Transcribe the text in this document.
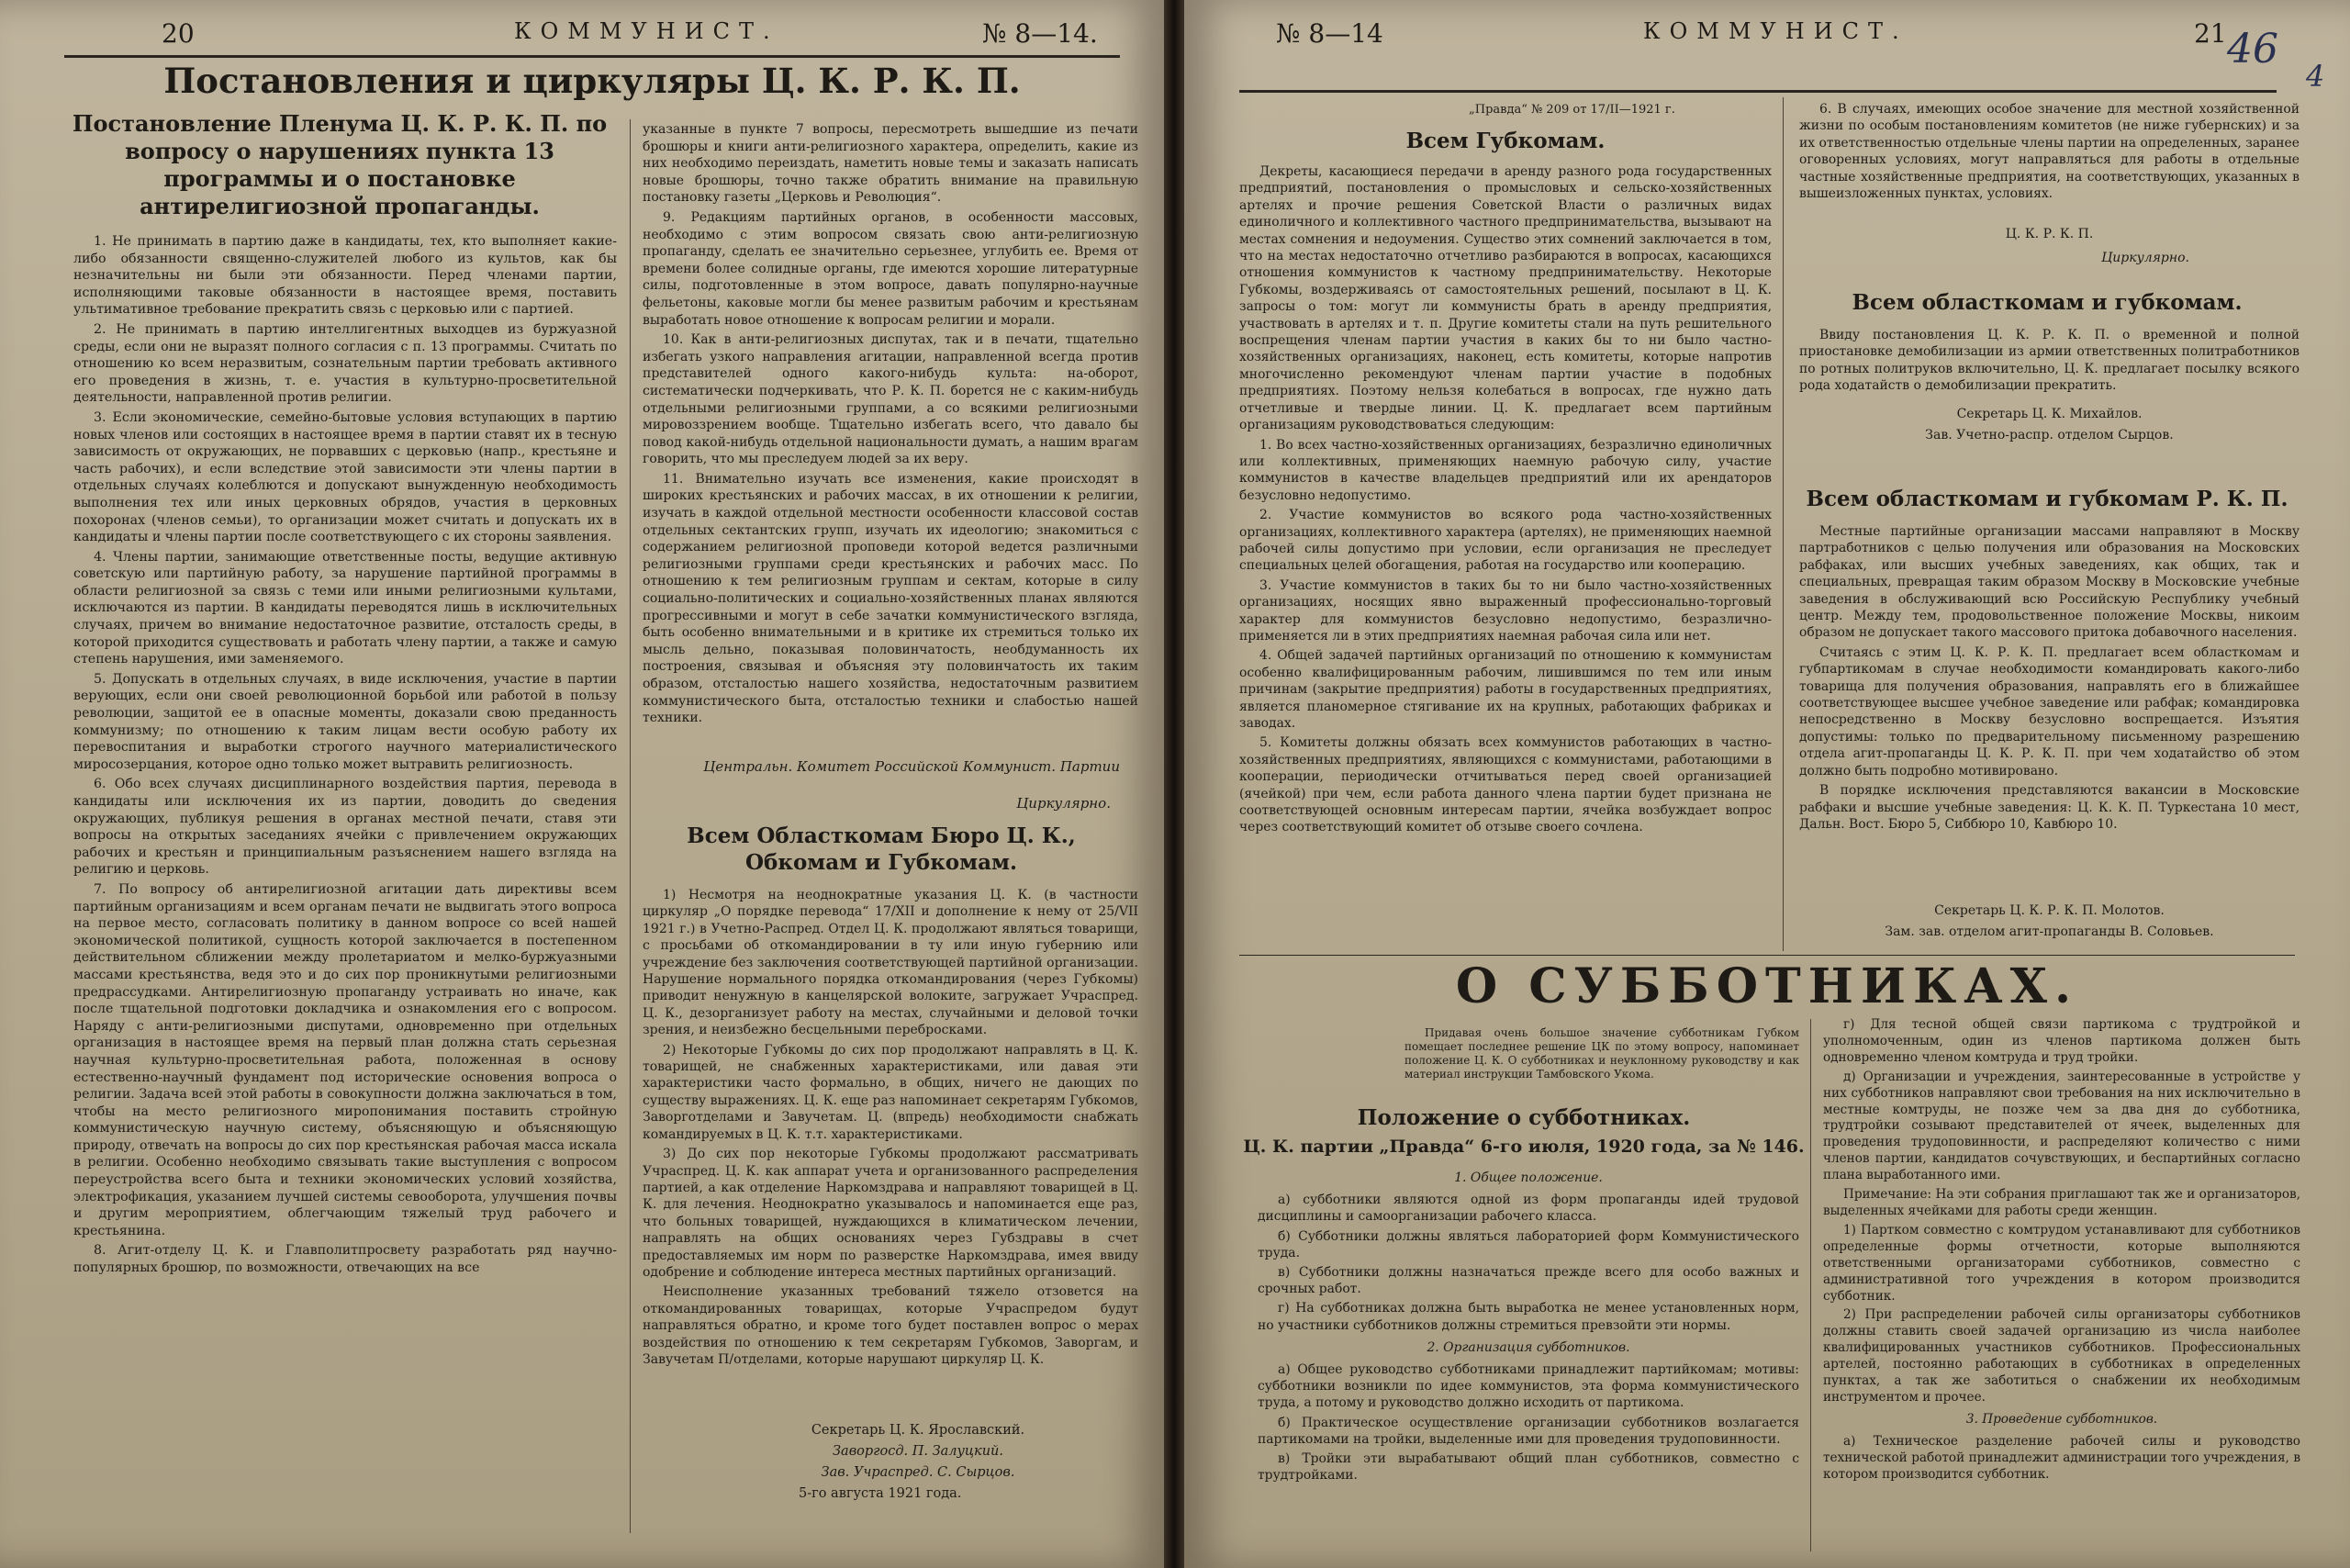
20	КОММУНИСТ.	№ 8—14.
Постановления и циркуляры Ц. К. Р. К. П.
Постановление Пленума Ц. К. Р. К. П. по вопросу о нарушениях пункта 13 программы и о постановке антирелигиозной пропаганды.

1. Не принимать в партию даже в кандидаты, тех, кто выполняет какие-либо обязанности священно-служителей любого из культов, как бы незначительны ни были эти обязанности. Перед членами партии, исполняющими таковые обязанности в настоящее время, поставить ультимативное требование прекратить связь с церковью или с партией.

2. Не принимать в партию интеллигентных выходцев из буржуазной среды, если они не выразят полного согласия с п. 13 программы. Считать по отношению ко всем неразвитым, сознательным партии требовать активного его проведения в жизнь, т. е. участия в культурно-просветительной деятельности, направленной против религии.

3. Если экономические, семейно-бытовые условия вступающих в партию новых членов или состоящих в настоящее время в партии ставят их в тесную зависимость от окружающих, не порвавших с церковью (напр., крестьяне и часть рабочих), и если вследствие этой зависимости эти члены партии в отдельных случаях колеблются и допускают вынужденную необходимость выполнения тех или иных церковных обрядов, участия в церковных похоронах (членов семьи), то организации может считать и допускать их в кандидаты и члены партии после соответствующего с их стороны заявления.

4. Члены партии, занимающие ответственные посты, ведущие активную советскую или партийную работу, за нарушение партийной программы в области религиозной за связь с теми или иными религиозными культами, исключаются из партии. В кандидаты переводятся лишь в исключительных случаях, причем во внимание недостаточное развитие, отсталость среды, в которой приходится существовать и работать члену партии, а также и самую степень нарушения, ими заменяемого.

5. Допускать в отдельных случаях, в виде исключения, участие в партии верующих, если они своей революционной борьбой или работой в пользу революции, защитой ее в опасные моменты, доказали свою преданность коммунизму; по отношению к таким лицам вести особую работу их перевоспитания и выработки строгого научного материалистического миросозерцания, которое одно только может вытравить религиозность.

6. Обо всех случаях дисциплинарного воздействия партия, перевода в кандидаты или исключения их из партии, доводить до сведения окружающих, публикуя решения в органах местной печати, ставя эти вопросы на открытых заседаниях ячейки с привлечением окружающих рабочих и крестьян и принципиальным разъяснением нашего взгляда на религию и церковь.

7. По вопросу об антирелигиозной агитации дать директивы всем партийным организациям и всем органам печати не выдвигать этого вопроса на первое место, согласовать политику в данном вопросе со всей нашей экономической политикой, сущность которой заключается в постепенном действительном сближении между пролетариатом и мелко-буржуазными массами крестьянства, ведя это и до сих пор проникнутыми религиозными предрассудками. Антирелигиозную пропаганду устраивать но иначе, как после тщательной подготовки докладчика и ознакомления его с вопросом. Наряду с анти-религиозными диспутами, одновременно при отдельных организация в настоящее время на первый план должна стать серьезная научная культурно-просветительная работа, положенная в основу естественно-научный фундамент под исторические основения вопроса о религии. Задача всей этой работы в совокупности должна заключаться в том, чтобы на место религиозного миропонимания поставить стройную коммунистическую научную систему, объясняющую и объясняющую природу, отвечать на вопросы до сих пор крестьянская рабочая масса искала в религии. Особенно необходимо связывать такие выступления с вопросом переустройства всего быта и техники экономических условий хозяйства, электрофикация, указанием лучшей системы севооборота, улучшения почвы и другим мероприятием, облегчающим тяжелый труд рабочего и крестьянина.

8. Агит-отделу Ц. К. и Главполитпросвету разработать ряд научно-популярных брошюр, по возможности, отвечающих на все

указанные в пункте 7 вопросы, пересмотреть вышедшие из печати брошюры и книги анти-религиозного характера, определить, какие из них необходимо переиздать, наметить новые темы и заказать написать новые брошюры, точно также обратить внимание на правильную постановку газеты „Церковь и Революция“.

9. Редакциям партийных органов, в особенности массовых, необходимо с этим вопросом связать свою анти-религиозную пропаганду, сделать ее значительно серьезнее, углубить ее. Время от времени более солидные органы, где имеются хорошие литературные силы, подготовленные в этом вопросе, давать популярно-научные фельетоны, каковые могли бы менее развитым рабочим и крестьянам выработать новое отношение к вопросам религии и морали.

10. Как в анти-религиозных диспутах, так и в печати, тщательно избегать узкого направления агитации, направленной всегда против представителей одного какого-нибудь культа: на-оборот, систематически подчеркивать, что Р. К. П. борется не с каким-нибудь отдельными религиозными группами, а со всякими религиозными мировоззрением вообще. Тщательно избегать всего, что давало бы повод какой-нибудь отдельной национальности думать, а нашим врагам говорить, что мы преследуем людей за их веру.

11. Внимательно изучать все изменения, какие происходят в широких крестьянских и рабочих массах, в их отношении к религии, изучать в каждой отдельной местности особенности классовой состав отдельных сектантских групп, изучать их идеологию; знакомиться с содержанием религиозной проповеди которой ведется различными религиозными группами среди крестьянских и рабочих масс. По отношению к тем религиозным группам и сектам, которые в силу социально-политических и социально-хозяйственных планах являются прогрессивными и могут в себе зачатки коммунистического взгляда, быть особенно внимательными и в критике их стремиться только их мысль дельно, показывая половинчатость, необдуманность их построения, связывая и объясняя эту половинчатость их таким образом, отсталостью нашего хозяйства, недостаточным развитием коммунистического быта, отсталостью техники и слабостью нашей техники.

Центральн. Комитет Российской Коммунист. Партии
Циркулярно.
Всем Областкомам Бюро Ц. К., Обкомам и Губкомам.

1) Несмотря на неоднократные указания Ц. К. (в частности циркуляр „О порядке перевода“ 17/XII и дополнение к нему от 25/VII 1921 г.) в Учетно-Распред. Отдел Ц. К. продолжают являться товарищи, с просьбами об откомандировании в ту или иную губернию или учреждение без заключения соответствующей партийной организации. Нарушение нормального порядка откомандирования (через Губкомы) приводит ненужную в канцелярской волоките, загружает Учраспред. Ц. К., дезорганизует работу на местах, случайными и деловой точки зрения, и неизбежно бесцельными перебросками.

2) Некоторые Губкомы до сих пор продолжают направлять в Ц. К. товарищей, не снабженных характеристиками, или давая эти характеристики часто формально, в общих, ничего не дающих по существу выражениях. Ц. К. еще раз напоминает секретарям Губкомов, Заворготделами и Завучетам. Ц. (впредь) необходимости снабжать командируемых в Ц. К. т.т. характеристиками.

3) До сих пор некоторые Губкомы продолжают рассматривать Учраспред. Ц. К. как аппарат учета и организованного распределения партией, а как отделение Наркомздрава и направляют товарищей в Ц. К. для лечения. Неоднократно указывалось и напоминается еще раз, что больных товарищей, нуждающихся в климатическом лечении, направлять на общих основаниях через Губздравы в счет предоставляемых им норм по разверстке Наркомздрава, имея ввиду одобрение и соблюдение интереса местных партийных организаций.

Неисполнение указанных требований тяжело отзовется на откомандированных товарищах, которые Учраспредом будут направляться обратно, и кроме того будет поставлен вопрос о мерах воздействия по отношению к тем секретарям Губкомов, Заворгам, и Завучетам П/отделами, которые нарушают циркуляр Ц. К.

Секретарь Ц. К. Ярославский.

Заворгоcд. П. Залуцкий.

Зав. Учраспред. С. Сырцов.

5-го августа 1921 года.

№ 8—14	КОММУНИСТ.	21 46
4

„Правда“ № 209 от 17/II—1921 г.

Всем Губкомам.

Декреты, касающиеся передачи в аренду разного рода государственных предприятий, постановления о промысловых и сельско-хозяйственных артелях и прочие решения Советской Власти о различных видах единоличного и коллективного частного предпринимательства, вызывают на местах сомнения и недоумения. Существо этих сомнений заключается в том, что на местах недостаточно отчетливо разбираются в вопросах, касающихся отношения коммунистов к частному предпринимательству. Некоторые Губкомы, воздерживаясь от самостоятельных решений, посылают в Ц. К. запросы о том: могут ли коммунисты брать в аренду предприятия, участвовать в артелях и т. п. Другие комитеты стали на путь решительного воспрещения членам партии участия в каких бы то ни было частно-хозяйственных организациях, наконец, есть комитеты, которые напротив многочисленно рекомендуют членам партии участие в подобных предприятиях. Поэтому нельзя колебаться в вопросах, где нужно дать отчетливые и твердые линии. Ц. К. предлагает всем партийным организациям руководствоваться следующим:

1. Во всех частно-хозяйственных организациях, безразлично единоличных или коллективных, применяющих наемную рабочую силу, участие коммунистов в качестве владельцев предприятий или их арендаторов безусловно недопустимо.

2. Участие коммунистов во всякого рода частно-хозяйственных организациях, коллективного характера (артелях), не применяющих наемной рабочей силы допустимо при условии, если организация не преследует специальных целей обогащения, работая на государство или кооперацию.

3. Участие коммунистов в таких бы то ни было частно-хозяйственных организациях, носящих явно выраженный профессионально-торговый характер для коммунистов безусловно недопустимо, безразлично-применяется ли в этих предприятиях наемная рабочая сила или нет.

4. Общей задачей партийных организаций по отношению к коммунистам особенно квалифицированным рабочим, лишившимся по тем или иным причинам (закрытие предприятия) работы в государственных предприятиях, является планомерное стягивание их на крупных, работающих фабриках и заводах.

5. Комитеты должны обязать всех коммунистов работающих в частно-хозяйственных предприятиях, являющихся с коммунистами, работающими в кооперации, периодически отчитываться перед своей организацией (ячейкой) при чем, если работа данного члена партии будет признана не соответствующей основным интересам партии, ячейка возбуждает вопрос через соответствующий комитет об отзыве своего сочлена.

6. В случаях, имеющих особое значение для местной хозяйственной жизни по особым постановлениям комитетов (не ниже губернских) и за их ответственностью отдельные члены партии на определенных, заранее оговоренных условиях, могут направляться для работы в отдельные частные хозяйственные предприятия, на соответствующих, указанных в вышеизложенных пунктах, условиях.

Ц. К. Р. К. П.

Циркулярно.

Всем областкомам и губкомам.

Ввиду постановления Ц. К. Р. К. П. о временной и полной приостановке демобилизации из армии ответственных политработников по ротных политруков включительно, Ц. К. предлагает посылку всякого рода ходатайств о демобилизации прекратить.

Секретарь Ц. К. Михайлов.

Зав. Учетно-распр. отделом Сырцов.

Всем областкомам и губкомам Р. К. П.

Местные партийные организации массами направляют в Москву партработников с целью получения или образования на Московских рабфаках, или высших учебных заведениях, как общих, так и специальных, превращая таким образом Москву в Московские учебные заведения в обслуживающий всю Российскую Республику учебный центр. Между тем, продовольственное положение Москвы, никоим образом не допускает такого массового притока добавочного населения.

Считаясь с этим Ц. К. Р. К. П. предлагает всем областкомам и губпартикомам в случае необходимости командировать какого-либо товарища для получения образования, направлять его в ближайшее соответствующее высшее учебное заведение или рабфак; командировка непосредственно в Москву безусловно воспрещается. Изъятия допустимы: только по предварительному письменному разрешению отдела агит-пропаганды Ц. К. Р. К. П. при чем ходатайство об этом должно быть подробно мотивировано.

В порядке исключения представляются вакансии в Московские рабфаки и высшие учебные заведения: Ц. К. К. П. Туркестана 10 мест, Дальн. Вост. Бюро 5, Сиббюро 10, Кавбюро 10.

Секретарь Ц. К. Р. К. П. Молотов.

Зам. зав. отделом агит-пропаганды В. Соловьев.

О СУББОТНИКАХ.

Придавая очень большое значение субботникам Губком помещает последнее решение ЦК по этому вопросу, напоминает положение Ц. К. О субботниках и неуклонному руководству и как материал инструкции Тамбовского Укома.

Положение о субботниках.
Ц. К. партии „Правда“ 6-го июля, 1920 года, за № 146.

1. Общее положение.

а) субботники являются одной из форм пропаганды идей трудовой дисциплины и самоорганизации рабочего класса.

б) Субботники должны являться лабораторией форм Коммунистического труда.

в) Субботники должны назначаться прежде всего для особо важных и срочных работ.

г) На субботниках должна быть выработка не менее установленных норм, но участники субботников должны стремиться превзойти эти нормы.

2. Организация субботников.

а) Общее руководство субботниками принадлежит партийкомам; мотивы: субботники возникли по идее коммунистов, эта форма коммунистического труда, а потому и руководство должно исходить от партикома.

б) Практическое осуществление организации субботников возлагается партикомами на тройки, выделенные ими для проведения трудоповинности.

в) Тройки эти вырабатывают общий план субботников, совместно с трудтройками.

г) Для тесной общей связи партикома с трудтройкой и уполномоченным, один из членов партикома должен быть одновременно членом комтруда и труд тройки.

д) Организации и учреждения, заинтересованные в устройстве у них субботников направляют свои требования на них исключительно в местные комтруды, не позже чем за два дня до субботника, трудтройки созывают представителей от ячеек, выделенных для проведения трудоповинности, и распределяют количество с ними членов партии, кандидатов сочувствующих, и беспартийных согласно плана выработанного ими.

Примечание: На эти собрания приглашают так же и организаторов, выделенных ячейками для работы среди женщин.

1) Партком совместно с комтрудом устанавливают для субботников определенные формы отчетности, которые выполняются ответственными организаторами субботников, совместно с административной того учреждения в котором производится субботник.

2) При распределении рабочей силы организаторы субботников должны ставить своей задачей организацию из числа наиболее квалифицированных участников субботников. Профессиональных артелей, постоянно работающих в субботниках в определенных пунктах, а так же заботиться о снабжении их необходимым инструментом и прочее.

3. Проведение субботников.

а) Техническое разделение рабочей силы и руководство технической работой принадлежит администрации того учреждения, в котором производится субботник.
